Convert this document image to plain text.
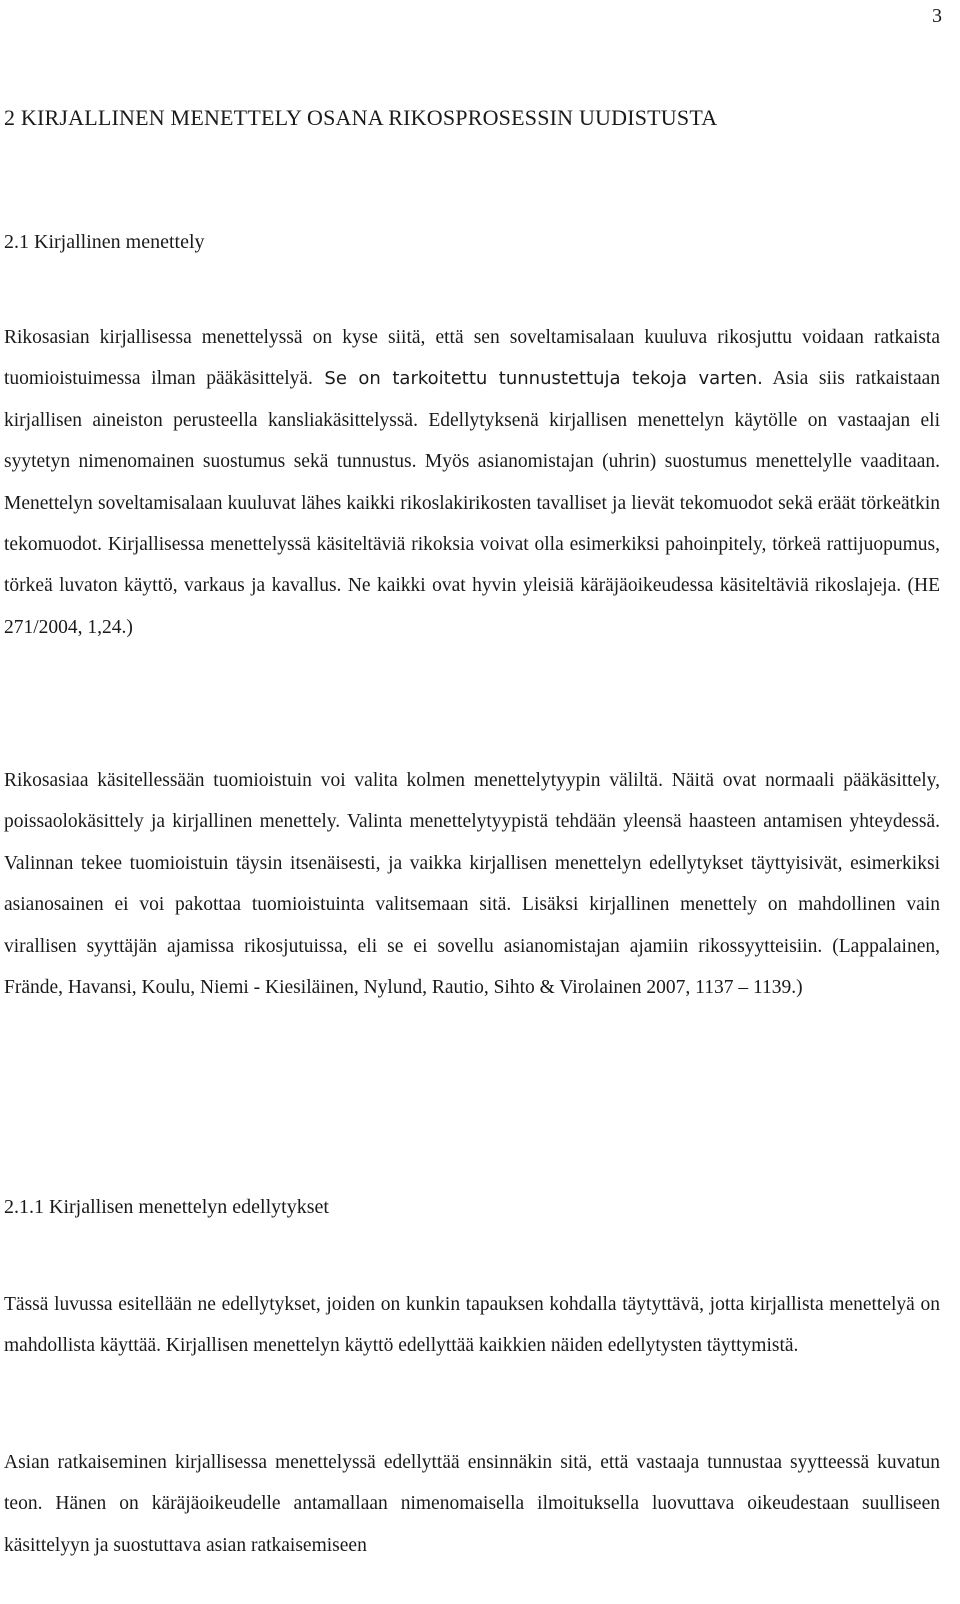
3
2 KIRJALLINEN MENETTELY OSANA RIKOSPROSESSIN UUDISTUSTA
2.1 Kirjallinen menettely

Rikosasian kirjallisessa menettelyssä on kyse siitä, että sen soveltamisalaan kuuluva rikosjuttu voidaan ratkaista tuomioistuimessa ilman pääkäsittelyä. Se on tarkoitettu tunnustettuja tekoja varten. Asia siis ratkaistaan kirjallisen aineiston perusteella kansliakäsittelyssä. Edellytyksenä kirjallisen menettelyn käytölle on vastaajan eli syytetyn nimenomainen suostumus sekä tunnustus. Myös asianomistajan (uhrin) suostumus menettelylle vaaditaan. Menettelyn soveltamisalaan kuuluvat lähes kaikki rikoslakirikosten tavalliset ja lievät tekomuodot sekä eräät törkeätkin tekomuodot. Kirjallisessa menettelyssä käsiteltäviä rikoksia voivat olla esimerkiksi pahoinpitely, törkeä rattijuopumus, törkeä luvaton käyttö, varkaus ja kavallus. Ne kaikki ovat hyvin yleisiä käräjäoikeudessa käsiteltäviä rikoslajeja. (HE 271/2004, 1,24.)

Rikosasiaa käsitellessään tuomioistuin voi valita kolmen menettelytyypin väliltä. Näitä ovat normaali pääkäsittely, poissaolokäsittely ja kirjallinen menettely. Valinta menettelytyypistä tehdään yleensä haasteen antamisen yhteydessä. Valinnan tekee tuomioistuin täysin itsenäisesti, ja vaikka kirjallisen menettelyn edellytykset täyttyisivät, esimerkiksi asianosainen ei voi pakottaa tuomioistuinta valitsemaan sitä. Lisäksi kirjallinen menettely on mahdollinen vain virallisen syyttäjän ajamissa rikosjutuissa, eli se ei sovellu asianomistajan ajamiin rikossyytteisiin. (Lappalainen, Frände, Havansi, Koulu, Niemi - Kiesiläinen, Nylund, Rautio, Sihto & Virolainen 2007, 1137 – 1139.)

2.1.1 Kirjallisen menettelyn edellytykset

Tässä luvussa esitellään ne edellytykset, joiden on kunkin tapauksen kohdalla täytyttävä, jotta kirjallista menettelyä on mahdollista käyttää. Kirjallisen menettelyn käyttö edellyttää kaikkien näiden edellytysten täyttymistä.

Asian ratkaiseminen kirjallisessa menettelyssä edellyttää ensinnäkin sitä, että vastaaja tunnustaa syytteessä kuvatun teon. Hänen on käräjäoikeudelle antamallaan nimenomaisella ilmoituksella luovuttava oikeudestaan suulliseen käsittelyyn ja suostuttava asian ratkaisemiseen
